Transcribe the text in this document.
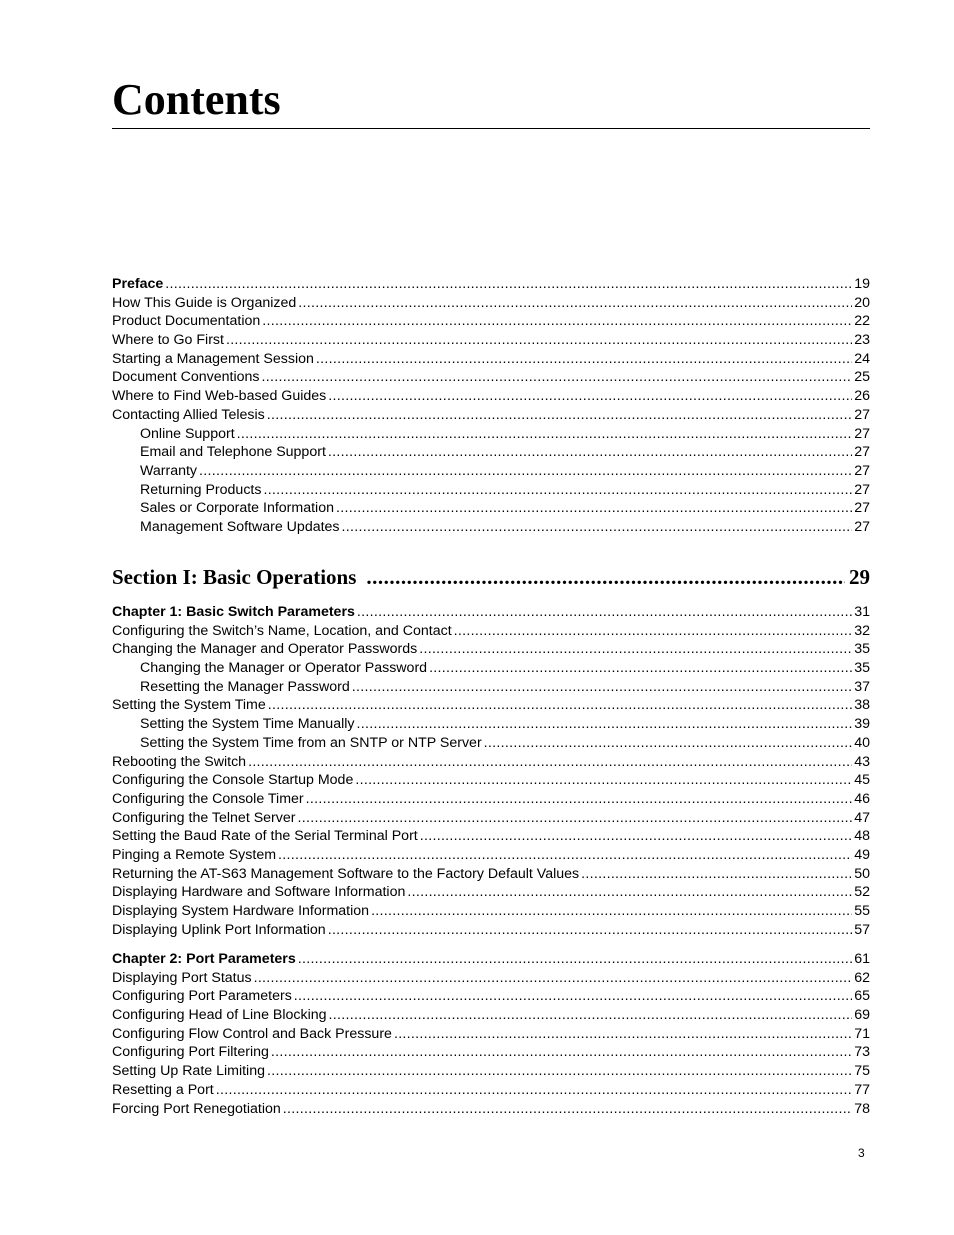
Contents
Preface .....	19
How This Guide is Organized .....	20
Product Documentation .....	22
Where to Go First .....	23
Starting a Management Session .....	24
Document Conventions .....	25
Where to Find Web-based Guides .....	26
Contacting Allied Telesis .....	27
Online Support .....	27
Email and Telephone Support .....	27
Warranty .....	27
Returning Products .....	27
Sales or Corporate Information .....	27
Management Software Updates .....	27
Section I: Basic Operations .....	29
Chapter 1: Basic Switch Parameters .....	31
Configuring the Switch’s Name, Location, and Contact .....	32
Changing the Manager and Operator Passwords .....	35
Changing the Manager or Operator Password .....	35
Resetting the Manager Password .....	37
Setting the System Time .....	38
Setting the System Time Manually .....	39
Setting the System Time from an SNTP or NTP Server .....	40
Rebooting the Switch .....	43
Configuring the Console Startup Mode .....	45
Configuring the Console Timer .....	46
Configuring the Telnet Server .....	47
Setting the Baud Rate of the Serial Terminal Port .....	48
Pinging a Remote System .....	49
Returning the AT-S63 Management Software to the Factory Default Values .....	50
Displaying Hardware and Software Information .....	52
Displaying System Hardware Information .....	55
Displaying Uplink Port Information .....	57
Chapter 2: Port Parameters .....	61
Displaying Port Status .....	62
Configuring Port Parameters .....	65
Configuring Head of Line Blocking .....	69
Configuring Flow Control and Back Pressure .....	71
Configuring Port Filtering .....	73
Setting Up Rate Limiting .....	75
Resetting a Port .....	77
Forcing Port Renegotiation .....	78
3
